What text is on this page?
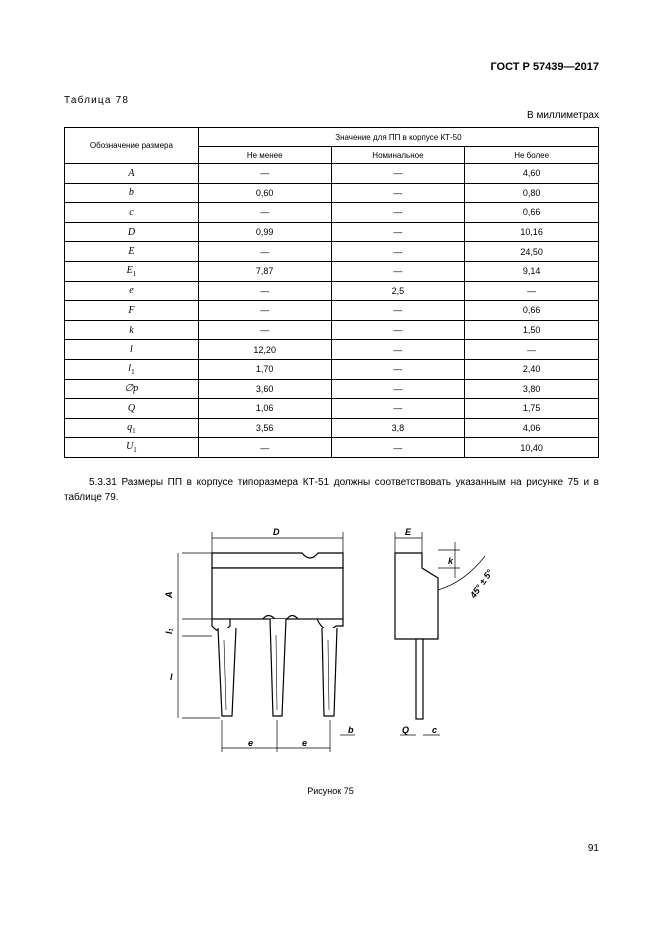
ГОСТ Р 57439—2017
Таблица 78
В миллиметрах
Обозначение размера	Значение для ПП в корпусе КТ-50		
	Не менее	Номинальное	Не более
A	—	—	4,60
b	0,60	—	0,80
c	—	—	0,66
D	0,99	—	10,16
E	—	—	24,50
$E_1$	7,87	—	9,14
e	—	2,5	—
F	—	—	0,66
k	—	—	1,50
l	12,20	—	—
$l_1$	1,70	—	2,40
∅p	3,60	—	3,80
Q	1,06	—	1,75
$q_1$	3,56	3,8	4,06
$U_1$	—	—	10,40
5.3.31 Размеры ПП в корпусе типоразмера КТ-51 должны соответствовать указанным на рисунке 75 и в таблице 79.
D
A
l₁
l
e	e
b
E
k
45° ± 5°
Q	c
Рисунок 75
91
